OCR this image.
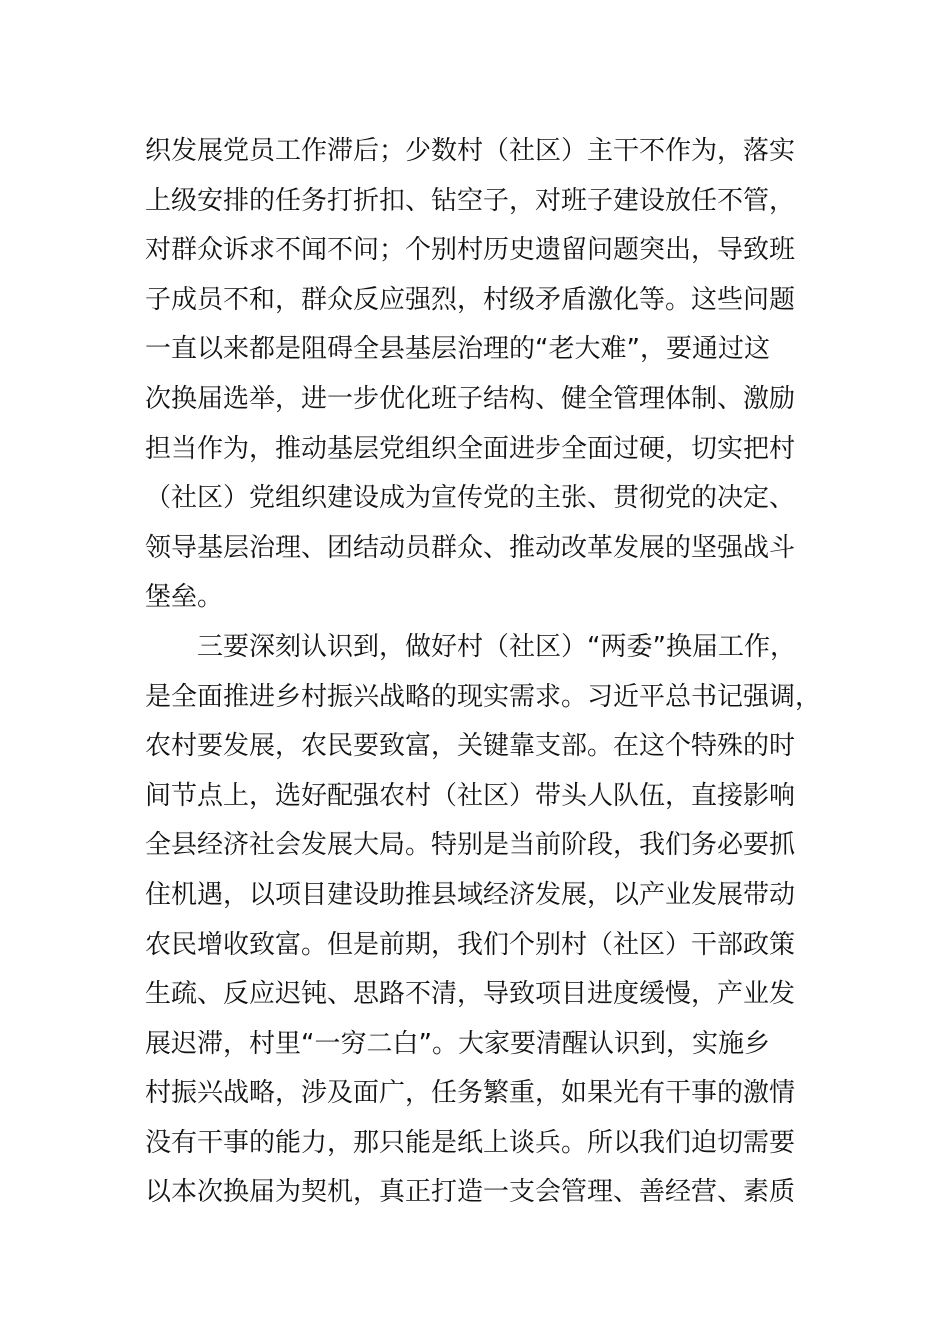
织发展党员工作滞后；少数村（社区）主干不作为，落实
上级安排的任务打折扣、钻空子，对班子建设放任不管，
对群众诉求不闻不问；个别村历史遗留问题突出，导致班
子成员不和，群众反应强烈，村级矛盾激化等。这些问题
一直以来都是阻碍全县基层治理的“老大难”，要通过这
次换届选举，进一步优化班子结构、健全管理体制、激励
担当作为，推动基层党组织全面进步全面过硬，切实把村
（社区）党组织建设成为宣传党的主张、贯彻党的决定、
领导基层治理、团结动员群众、推动改革发展的坚强战斗
堡垒。
三要深刻认识到，做好村（社区）“两委”换届工作，
是全面推进乡村振兴战略的现实需求。习近平总书记强调，
农村要发展，农民要致富，关键靠支部。在这个特殊的时
间节点上，选好配强农村（社区）带头人队伍，直接影响
全县经济社会发展大局。特别是当前阶段，我们务必要抓
住机遇，以项目建设助推县域经济发展，以产业发展带动
农民增收致富。但是前期，我们个别村（社区）干部政策
生疏、反应迟钝、思路不清，导致项目进度缓慢，产业发
展迟滞，村里“一穷二白”。大家要清醒认识到，实施乡
村振兴战略，涉及面广，任务繁重，如果光有干事的激情
没有干事的能力，那只能是纸上谈兵。所以我们迫切需要
以本次换届为契机，真正打造一支会管理、善经营、素质
